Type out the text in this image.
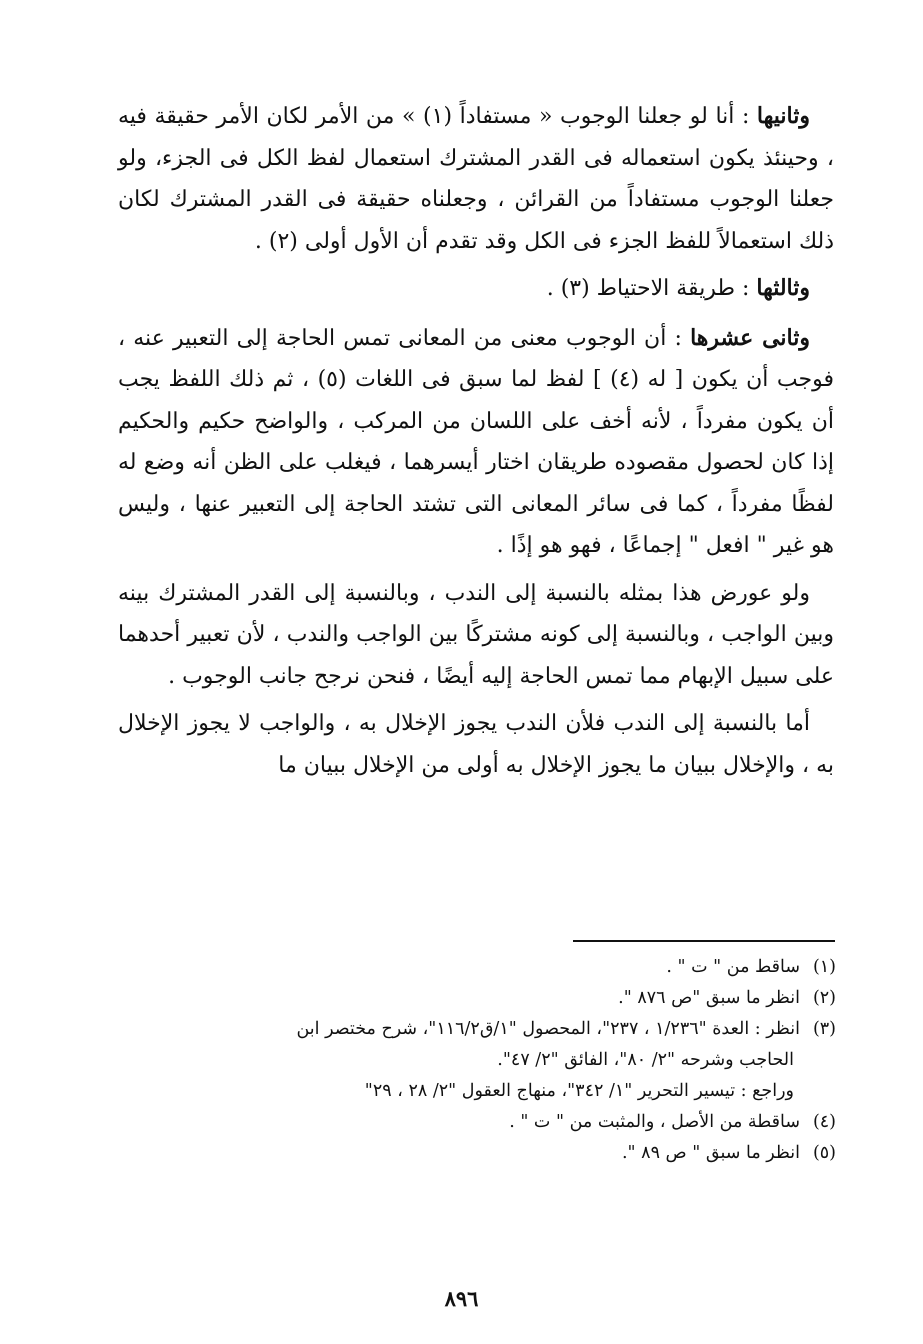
وثانيها : أنا لو جعلنا الوجوب « مستفاداً (١) » من الأمر لكان الأمر حقيقة فيه ، وحينئذ يكون استعماله فى القدر المشترك استعمال لفظ الكل فى الجزء، ولو جعلنا الوجوب مستفاداً من القرائن ، وجعلناه حقيقة فى القدر المشترك لكان ذلك استعمالاً للفظ الجزء فى الكل وقد تقدم أن الأول أولى (٢) .

وثالثها : طريقة الاحتياط (٣) .

وثانى عشرها : أن الوجوب معنى من المعانى تمس الحاجة إلى التعبير عنه ، فوجب أن يكون [ له (٤) ] لفظ لما سبق فى اللغات (٥) ، ثم ذلك اللفظ يجب أن يكون مفرداً ، لأنه أخف على اللسان من المركب ، والواضح حكيم والحكيم إذا كان لحصول مقصوده طريقان اختار أيسرهما ، فيغلب على الظن أنه وضع له لفظًا مفرداً ، كما فى سائر المعانى التى تشتد الحاجة إلى التعبير عنها ، وليس هو غير " افعل " إجماعًا ، فهو هو إذًا .

ولو عورض هذا بمثله بالنسبة إلى الندب ، وبالنسبة إلى القدر المشترك بينه وبين الواجب ، وبالنسبة إلى كونه مشتركًا بين الواجب والندب ، لأن تعبير أحدهما على سبيل الإبهام مما تمس الحاجة إليه أيضًا ، فنحن نرجح جانب الوجوب .

أما بالنسبة إلى الندب فلأن الندب يجوز الإخلال به ، والواجب لا يجوز الإخلال به ، والإخلال ببيان ما يجوز الإخلال به أولى من الإخلال ببيان ما

(١)ساقط من " ت " .

(٢)انظر ما سبق "ص ٨٧٦ ".

(٣)انظر : العدة "١/٢٣٦ ، ٢٣٧"، المحصول "١/ق١١٦/٢"، شرح مختصر ابن

الحاجب وشرحه "٢/ ٨٠"، الفائق "٢/ ٤٧".

وراجع : تيسير التحرير "١/ ٣٤٢"، منهاج العقول "٢/ ٢٨ ، ٢٩"

(٤)ساقطة من الأصل ، والمثبت من " ت " .

(٥)انظر ما سبق " ص ٨٩ ".

٨٩٦
